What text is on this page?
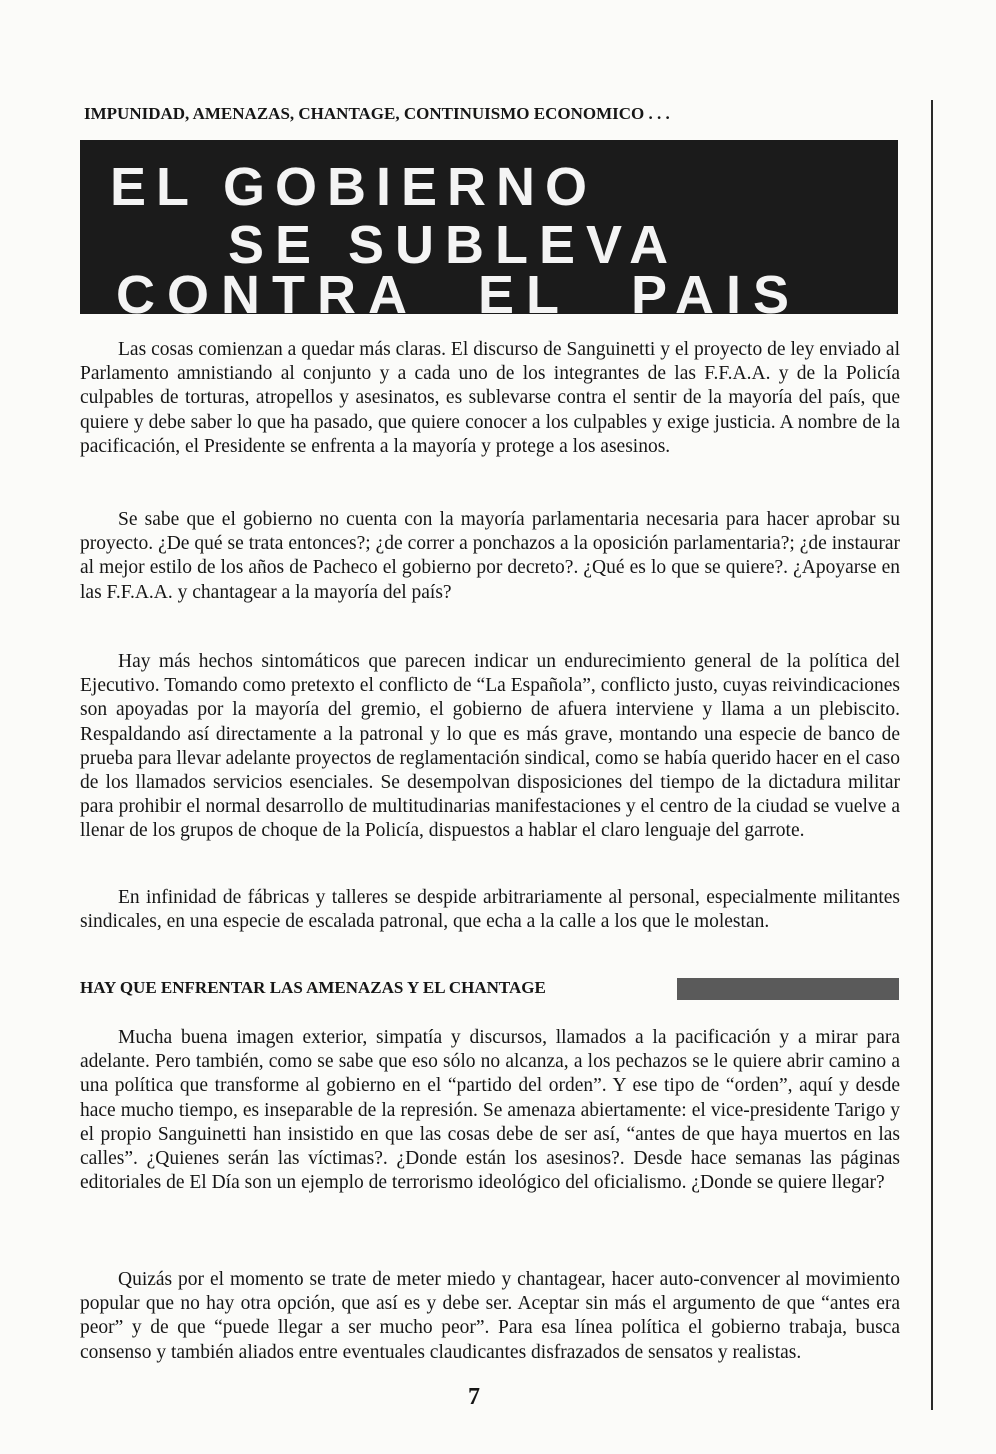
IMPUNIDAD, AMENAZAS, CHANTAGE, CONTINUISMO ECONOMICO . . .
EL GOBIERNO
SE SUBLEVA
CONTRA EL PAIS

Las cosas comienzan a quedar más claras. El discurso de Sanguinetti y el proyecto de ley enviado al Parlamento amnistiando al conjunto y a cada uno de los integrantes de las F.F.A.A. y de la Policía culpables de torturas, atropellos y asesinatos, es sublevarse contra el sentir de la mayoría del país, que quiere y debe saber lo que ha pasado, que quiere conocer a los culpables y exige justicia. A nombre de la pacificación, el Presidente se enfrenta a la mayoría y protege a los asesinos.

Se sabe que el gobierno no cuenta con la mayoría parlamentaria necesaria para hacer aprobar su proyecto. ¿De qué se trata entonces?; ¿de correr a ponchazos a la oposición parlamentaria?; ¿de instaurar al mejor estilo de los años de Pacheco el gobierno por decreto?. ¿Qué es lo que se quiere?. ¿Apoyarse en las F.F.A.A. y chantagear a la mayoría del país?

Hay más hechos sintomáticos que parecen indicar un endurecimiento general de la política del Ejecutivo. Tomando como pretexto el conflicto de “La Española”, conflicto justo, cuyas reivindicaciones son apoyadas por la mayoría del gremio, el gobierno de afuera interviene y llama a un plebiscito. Respaldando así directamente a la patronal y lo que es más grave, montando una especie de banco de prueba para llevar adelante proyectos de reglamentación sindical, como se había querido hacer en el caso de los llamados servicios esenciales. Se desempolvan disposiciones del tiempo de la dictadura militar para prohibir el normal desarrollo de multitudinarias manifestaciones y el centro de la ciudad se vuelve a llenar de los grupos de choque de la Policía, dispuestos a hablar el claro lenguaje del garrote.

En infinidad de fábricas y talleres se despide arbitrariamente al personal, especialmente militantes sindicales, en una especie de escalada patronal, que echa a la calle a los que le molestan.

HAY QUE ENFRENTAR LAS AMENAZAS Y EL CHANTAGE

Mucha buena imagen exterior, simpatía y discursos, llamados a la pacificación y a mirar para adelante. Pero también, como se sabe que eso sólo no alcanza, a los pechazos se le quiere abrir camino a una política que transforme al gobierno en el “partido del orden”. Y ese tipo de “orden”, aquí y desde hace mucho tiempo, es inseparable de la represión. Se amenaza abiertamente: el vice-presidente Tarigo y el propio Sanguinetti han insistido en que las cosas debe de ser así, “antes de que haya muertos en las calles”. ¿Quienes serán las víctimas?. ¿Donde están los asesinos?. Desde hace semanas las páginas editoriales de El Día son un ejemplo de terrorismo ideológico del oficialismo. ¿Donde se quiere llegar?

Quizás por el momento se trate de meter miedo y chantagear, hacer auto-convencer al movimiento popular que no hay otra opción, que así es y debe ser. Aceptar sin más el argumento de que “antes era peor” y de que “puede llegar a ser mucho peor”. Para esa línea política el gobierno trabaja, busca consenso y también aliados entre eventuales claudicantes disfrazados de sensatos y realistas.

7
